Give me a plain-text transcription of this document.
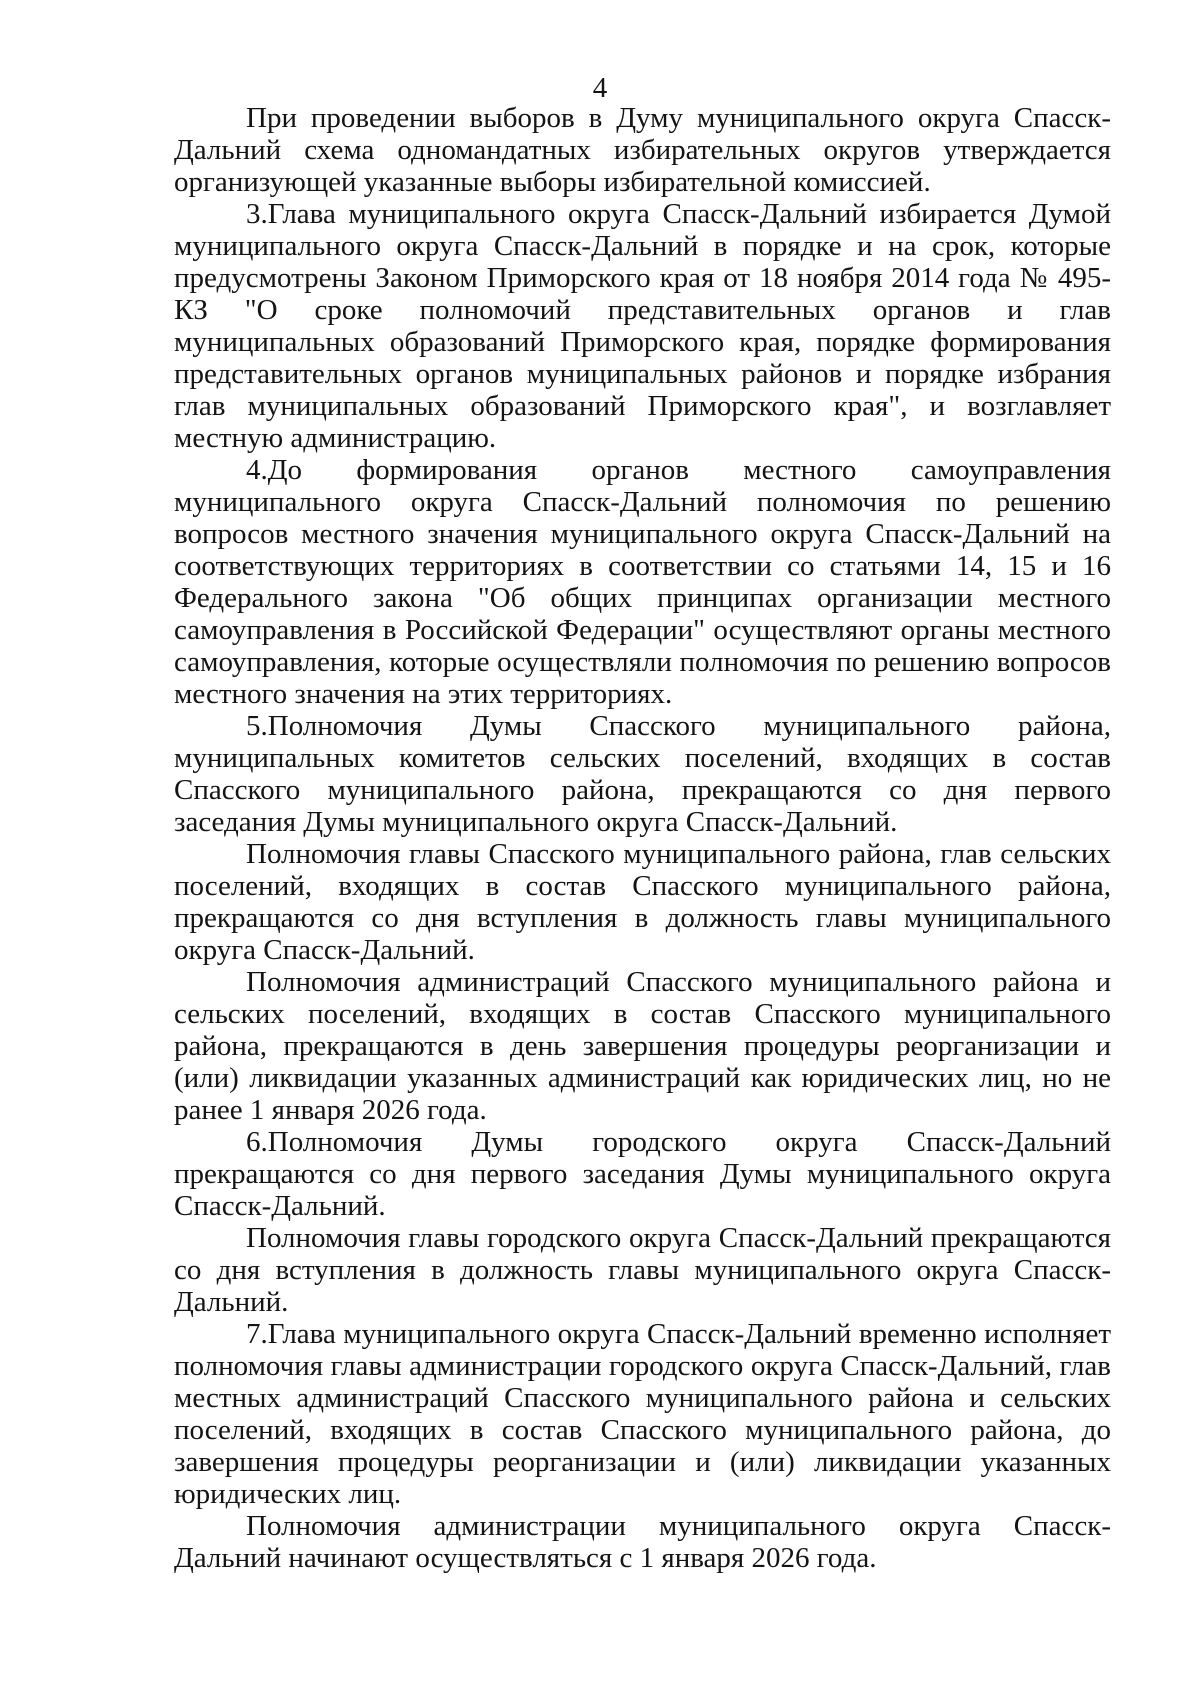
4

При проведении выборов в Думу муниципального округа Спасск-Дальний схема одномандатных избирательных округов утверждается организующей указанные выборы избирательной комиссией.

3.Глава муниципального округа Спасск-Дальний избирается Думой муниципального округа Спасск-Дальний в порядке и на срок, которые предусмотрены Законом Приморского края от 18 ноября 2014 года № 495-КЗ "О сроке полномочий представительных органов и глав муниципальных образований Приморского края, порядке формирования представительных органов муниципальных районов и порядке избрания глав муниципальных образований Приморского края", и возглавляет местную администрацию.

4.До формирования органов местного самоуправления муниципального округа Спасск-Дальний полномочия по решению вопросов местного значения муниципального округа Спасск-Дальний на соответствующих территориях в соответствии со статьями 14, 15 и 16 Федерального закона "Об общих принципах организации местного самоуправления в Российской Федерации" осуществляют органы местного самоуправления, которые осуществляли полномочия по решению вопросов местного значения на этих территориях.

5.Полномочия Думы Спасского муниципального района, муниципальных комитетов сельских поселений, входящих в состав Спасского муниципального района, прекращаются со дня первого заседания Думы муниципального округа Спасск-Дальний.

Полномочия главы Спасского муниципального района, глав сельских поселений, входящих в состав Спасского муниципального района, прекращаются со дня вступления в должность главы муниципального округа Спасск-Дальний.

Полномочия администраций Спасского муниципального района и сельских поселений, входящих в состав Спасского муниципального района, прекращаются в день завершения процедуры реорганизации и (или) ликвидации указанных администраций как юридических лиц, но не ранее 1 января 2026 года.

6.Полномочия Думы городского округа Спасск-Дальний прекращаются со дня первого заседания Думы муниципального округа Спасск-Дальний.

Полномочия главы городского округа Спасск-Дальний прекращаются со дня вступления в должность главы муниципального округа Спасск-Дальний.

7.Глава муниципального округа Спасск-Дальний временно исполняет полномочия главы администрации городского округа Спасск-Дальний, глав местных администраций Спасского муниципального района и сельских поселений, входящих в состав Спасского муниципального района, до завершения процедуры реорганизации и (или) ликвидации указанных юридических лиц.

Полномочия администрации муниципального округа Спасск-Дальний начинают осуществляться с 1 января 2026 года.
